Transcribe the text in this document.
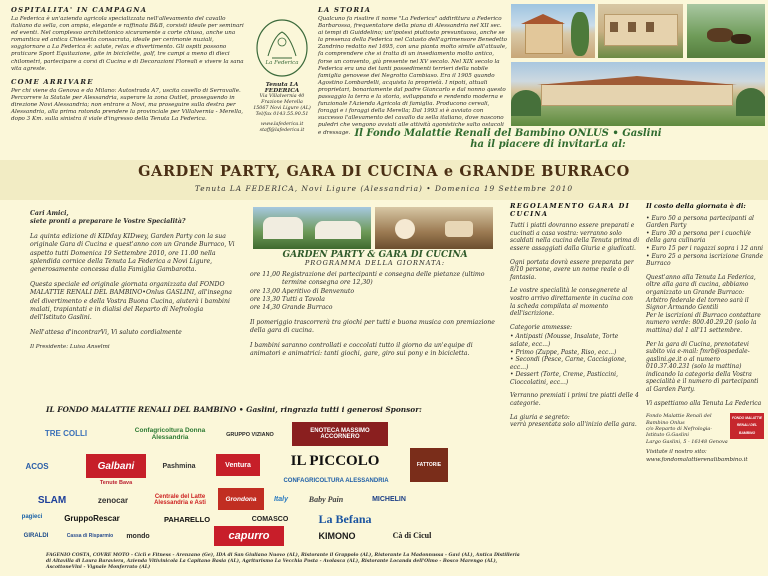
OSPITALITA' IN CAMPAGNA
La Federica è un'azienda agricola specializzata nell'allevamento del cavallo italiano da sella, con ampia, elegante e raffinata B&B, corsisti ideale per seminari ed eventi. Nel complesso architettonico sicuramente a corte chiusa, anche una romantica ed antica Chiesetta consacrata, ideale per cerimonie nuziali, soggiornare a La Federica è: salute, relax e divertimento. Gli ospiti possono praticare Sport Equitazione, gite in biciclette, golf, tre campi a meno di dieci chilometri, partecipare a corsi di Cucina e di Decorazioni Floreali e vivere la sana vita agreste.
COME ARRIVARE
Per chi viene da Genova e da Milano: Autostrada A7, uscita casello di Serravalle. Percorrere la Statale per Alessandria, superare la zona Outlet, proseguendo in direzione Novi Alessandria; non entrare a Novi, ma proseguire sulla destra per Alessandria, alla prima rotonda prendere la provinciale per Villalvernia - Merella, dopo 3 Km. sulla sinistra il viale d'ingresso della Tenuta La Federica.
La Federica
Tenuta LA FEDERICA
Via Villalvernia 40
Frazione Merella
15067 Novi Ligure (AL)
Tel/fax 0143.55.90.51
www.lafederica.it
staff@lafederica.it
LA STORIA
Qualcuno fa risalire il nome "La Federica" addirittura a Federico Barbarossa, frequentatore della piana di Alessandria nel XII sec. ai tempi di Guiddelino; un'ipotesi piuttosto presuntuosa, anche se la presenza della Federica nel Catasto dell'agrimensore Benedetto Zandrino redatto nel 1695, con una pianta molto simile all'attuale, fa comprendere che si tratta di un insediamento molto antico, forse un convento, già presente nel XV secolo. Nel XIX secolo la Federica era una dei tanti possedimenti terrieri della nobile famiglia genovese dei Negrotto Cambiaso. Era il 1905 quando Agostino Lombardelli, acquista la proprietà. I nipoti, attuali proprietari, bonariamente dal padre Giancarlo e dal nonno questo passaggio la terra e la storia, sviluppando e rendendo moderna e funzionale l'Azienda Agricola di famiglia. Producono cereali, foraggi e i foraggi della Merella; Dal 1993 si è avviato con successo l'allevamento del cavallo da sella italiano, dove nascono puledri che vengono avviati alle attività agonistiche salto ostacoli e dressage. Il Fondo Malattie Renali del Bambino ONLUS • Gaslini
ha il piacere di invitarLa al:
GARDEN PARTY, GARA DI CUCINA e GRANDE BURRACO
Tenuta LA FEDERICA, Novi Ligure (Alessandria) • Domenica 19 Settembre 2010

Cari Amici,
siete pronti a preparare le Vostre Specialità?

La quinta edizione di KIDday KIDwey, Garden Party con la sua originale Gara di Cucina e quest'anno con un Grande Burraco, Vi aspetto tutti Domenica 19 Settembre 2010, ore 11.00 nella splendida cornice della Tenuta La Federica a Novi Ligure, generosamente concessa dalla Famiglia Gambarotta.

Questa speciale ed originale giornata organizzata dal FONDO MALATTIE RENALI DEL BAMBINO•Onlus GASLINI, all'insegna del divertimento e della Vostra Buona Cucina, aiuterà i bambini malati, trapiantati e in dialisi del Reparto di Nefrologia dell'Istituto Gaslini.

Nell'attesa d'incontrarVi, Vi saluto cordialmente

Il Presidente: Luisa Anselmi

GARDEN PARTY & GARA DI CUCINA
PROGRAMMA DELLA GIORNATA:
ore 11,00 Registrazione dei partecipanti e consegna delle pietanze (ultimo termine consegna ore 12,30)
ore 13,00 Aperitivo di Benvenuto
ore 13,30 Tutti a Tavola
ore 14,30 Grande Burraco

Il pomeriggio trascorrerà tra giochi per tutti e buona musica con premiazione della gara di cucina.

I bambini saranno controllati e coccolati tutto il giorno da un'equipe di animatori e animatrici: tanti giochi, gare, giro sui pony e in bicicletta.

REGOLAMENTO GARA DI CUCINA

Tutti i piatti dovranno essere preparati e cucinati a casa vostra: verranno solo scaldati nella cucina della Tenuta prima di essere assaggiati dalla Giuria e giudicati.

Ogni portata dovrà essere preparata per 8/10 persone, avere un nome reale o di fantasia.

Le vostre specialità le consegnerete al vostro arrivo direttamente in cucina con la scheda compilata al momento dell'iscrizione.

Categorie ammesse:

• Antipasti (Mousse, Insalate, Torte salate, ecc...)
• Primo (Zuppe, Paste, Riso, ecc...)
• Secondi (Pesce, Carne, Cacciagione, ecc...)
• Dessert (Torte, Creme, Pasticcini, Cioccolatini, ecc...)

Verranno premiati i primi tre piatti delle 4 categorie.

La giuria e segreto:
verrà presentata solo all'inizio della gara.

Il costo della giornata è di:
• Euro 50 a persona partecipanti al Garden Party
• Euro 30 a persona per i cuochi/e della gara culinaria
• Euro 15 per i ragazzi sopra i 12 anni
• Euro 25 a persona iscrizione Grande Burraco

Quest'anno alla Tenuta La Federica, oltre alla gara di cucina, abbiamo organizzato un Grande Burraco: Arbitro federale del torneo sarà il Signor Armando Gentili
Per le iscrizioni di Burraco contattare numero verde: 800.40.29.20 (solo la mattina) dal 1 all'11 settembre.

Per la gara di Cucina, prenotatevi subito via e-mail: fmrb@ospedale-gaslini.ge.it o al numero 010.37.40.231 (solo la mattina) indicando la categoria della Vostra specialità e il numero di partecipanti al Garden Party.

Vi aspettiamo alla Tenuta La Federica

Fondo Malattie Renali del Bambino Onlus
c/o Reparto di Nefrologia-Istituto G.Gaslini
Largo Gaslini, 5 - 16148 Genova
FONDO MALATTIE RENALI DEL BAMBINO

Visitate il nostro sito: www.fondomalattierenalibambino.it

IL FONDO MALATTIE RENALI DEL BAMBINO • Gaslini, ringrazia tutti i generosi Sponsor:
TRE COLLI	Confagricoltura Donna Alessandria	GRUPPO VIZIANO
ENOTECA MASSIMO ACCORNERO
ACOS	Galbani	Pashmina	Ventura	IL PICCOLO	FATTORIE
Tenute Bava	CONFAGRICOLTURA ALESSANDRIA
SLAM	zenocar	Centrale del Latte Alessandria e Asti
Grondona	Italy	Baby Pain	MICHELIN
pagieci	GruppoRescar	PAHARELLO	COMASCO	La Befana
GIRALDI	Cassa di Risparmio	mondo	capurro	KIMONO	Cà di Cicul
FAGENIO COSTA, COVRE MOTO - Ciclì e Fitness - Arenzano (Ge), IDA di San Giuliano Nuovo (AL), Ristorante il Grappolo (AL), Ristorante La Madonnussa - Gavi (AL), Antica Distilleria di Altavilla di Laura Baraviera, Azienda Vitivinicola La Capitano Basia (AL), Agriturismo La Vecchia Posta - Avolasca (AL), Ristorante Locanda dell'Olmo - Bosco Marengo (AL), AscottoneVini - Vignale Monferrato (AL)
